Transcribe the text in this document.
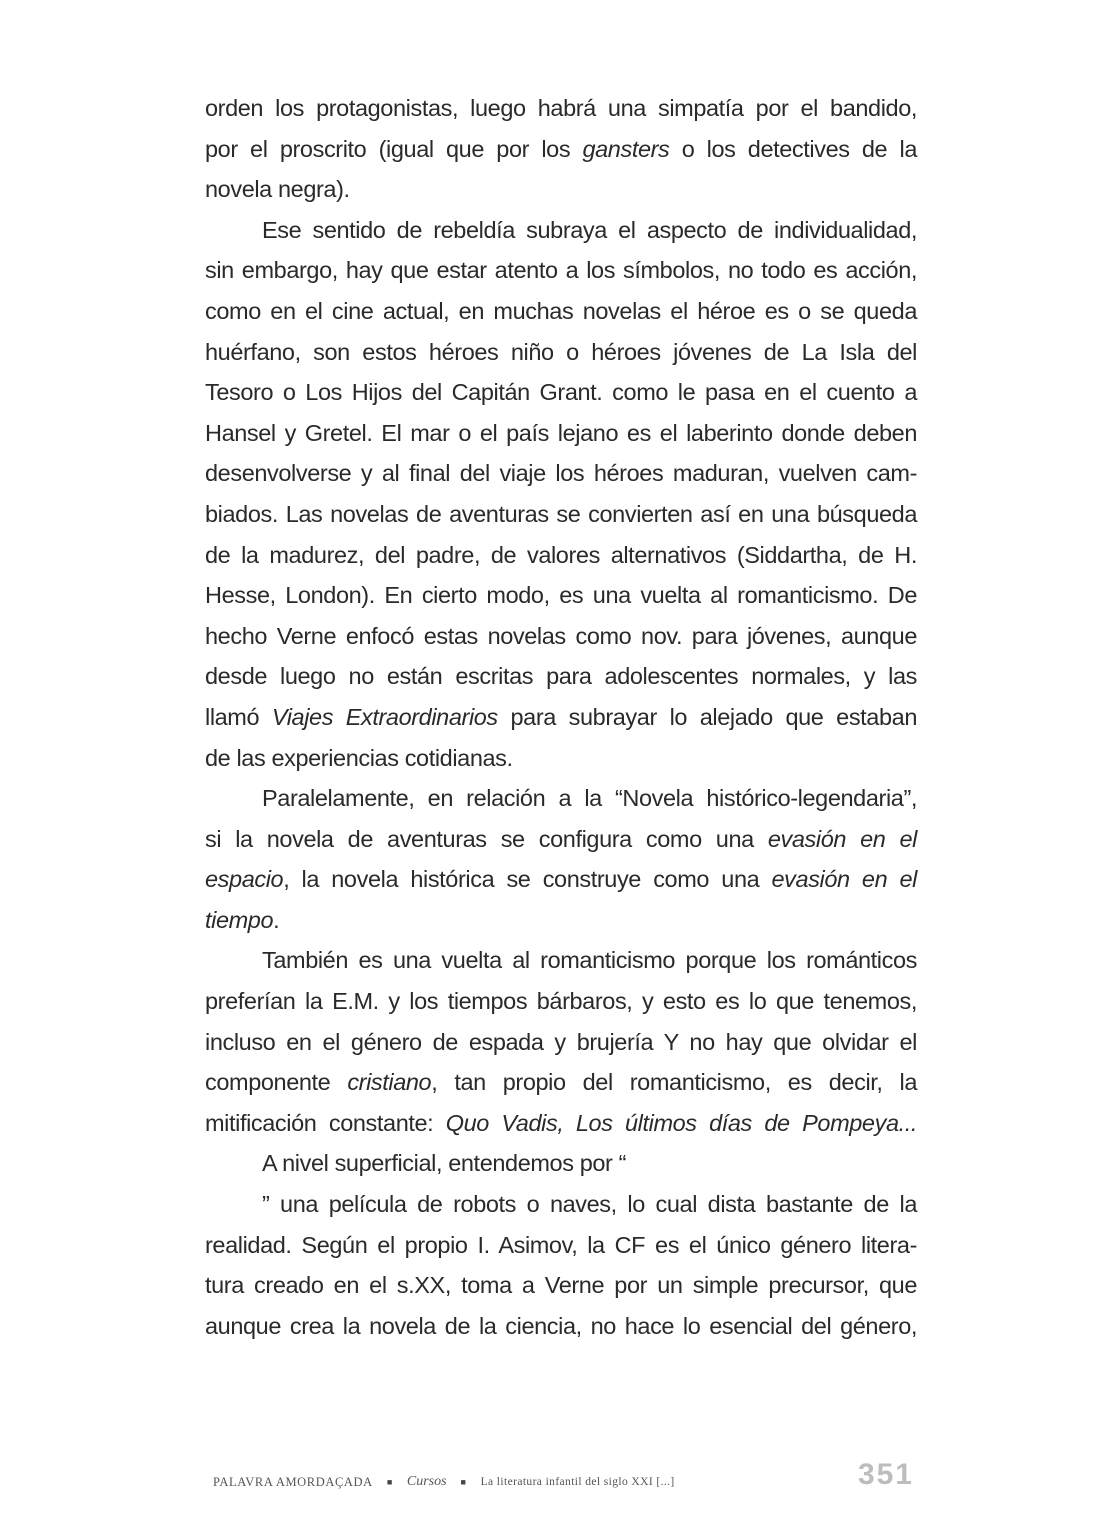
orden los protagonistas, luego habrá una simpatía por el bandido,
por el proscrito (igual que por los gansters o los detectives de la
novela negra).
Ese sentido de rebeldía subraya el aspecto de individualidad,
sin embargo, hay que estar atento a los símbolos, no todo es acción,
como en el cine actual, en muchas novelas el héroe es o se queda
huérfano, son estos héroes niño o héroes jóvenes de La Isla del
Tesoro o Los Hijos del Capitán Grant. como le pasa en el cuento a
Hansel y Gretel. El mar o el país lejano es el laberinto donde deben
desenvolverse y al final del viaje los héroes maduran, vuelven cam-
biados. Las novelas de aventuras se convierten así en una búsqueda
de la madurez, del padre, de valores alternativos (Siddartha, de H.
Hesse, London). En cierto modo, es una vuelta al romanticismo. De
hecho Verne enfocó estas novelas como nov. para jóvenes, aunque
desde luego no están escritas para adolescentes normales, y las
llamó Viajes Extraordinarios para subrayar lo alejado que estaban
de las experiencias cotidianas.
Paralelamente, en relación a la “Novela histórico-legendaria”,
si la novela de aventuras se configura como una evasión en el
espacio, la novela histórica se construye como una evasión en el
tiempo.
También es una vuelta al romanticismo porque los románticos
preferían la E.M. y los tiempos bárbaros, y esto es lo que tenemos,
incluso en el género de espada y brujería Y no hay que olvidar el
componente cristiano, tan propio del romanticismo, es decir, la
mitificación constante: Quo Vadis, Los últimos días de Pompeya...
A nivel superficial, entendemos por “
” una película de robots o naves, lo cual dista bastante de la
realidad. Según el propio I. Asimov, la CF es el único género litera-
tura creado en el s.XX, toma a Verne por un simple precursor, que
aunque crea la novela de la ciencia, no hace lo esencial del género,
PALAVRA AMORDAÇADA ■ Cursos ■ La literatura infantil del siglo XXI [...]	351
